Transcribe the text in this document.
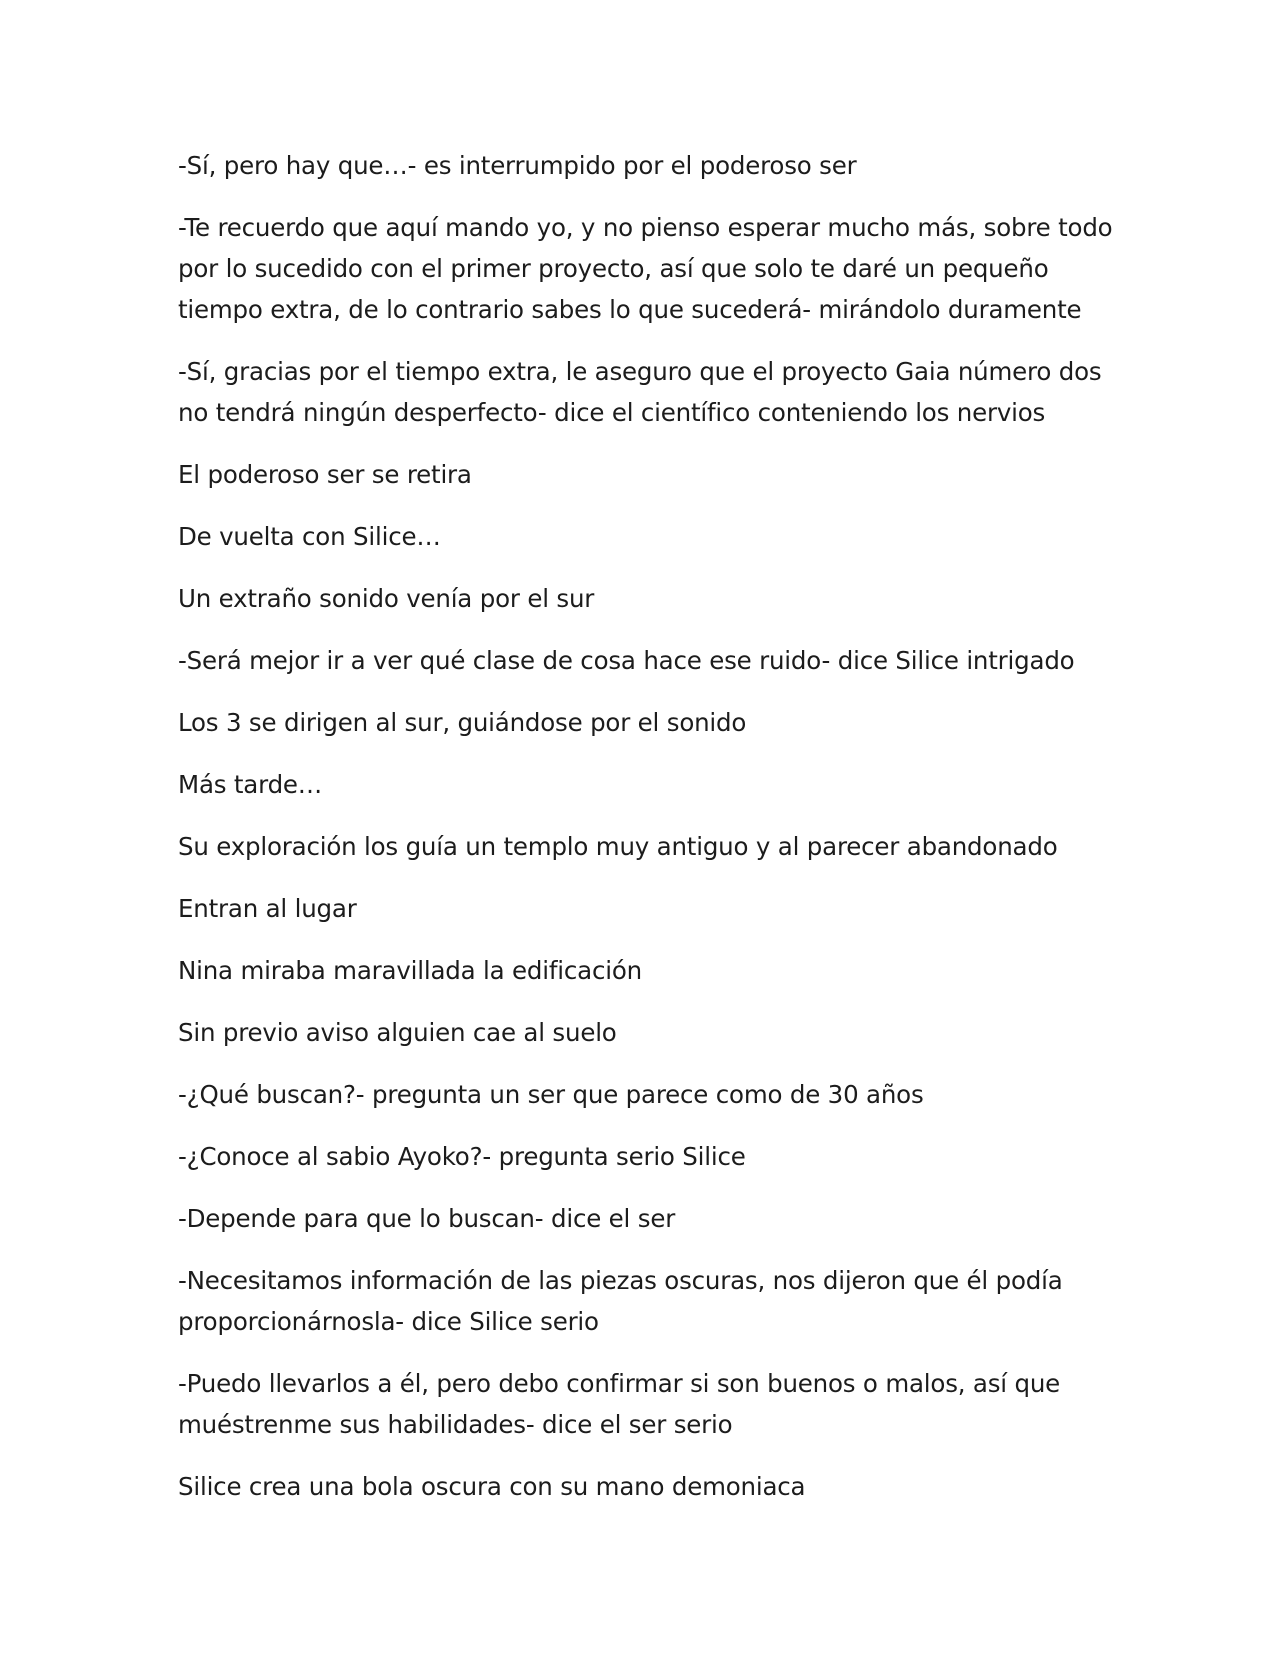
-Sí, pero hay que…- es interrumpido por el poderoso ser

-Te recuerdo que aquí mando yo, y no pienso esperar mucho más, sobre todo por lo sucedido con el primer proyecto, así que solo te daré un pequeño tiempo extra, de lo contrario sabes lo que sucederá- mirándolo duramente

-Sí, gracias por el tiempo extra, le aseguro que el proyecto Gaia número dos no tendrá ningún desperfecto- dice el científico conteniendo los nervios

El poderoso ser se retira

De vuelta con Silice…

Un extraño sonido venía por el sur

-Será mejor ir a ver qué clase de cosa hace ese ruido- dice Silice intrigado

Los 3 se dirigen al sur, guiándose por el sonido

Más tarde…

Su exploración los guía un templo muy antiguo y al parecer abandonado

Entran al lugar

Nina miraba maravillada la edificación

Sin previo aviso alguien cae al suelo

-¿Qué buscan?- pregunta un ser que parece como de 30 años

-¿Conoce al sabio Ayoko?- pregunta serio Silice

-Depende para que lo buscan- dice el ser

-Necesitamos información de las piezas oscuras, nos dijeron que él podía proporcionárnosla- dice Silice serio

-Puedo llevarlos a él, pero debo confirmar si son buenos o malos, así que muéstrenme sus habilidades- dice el ser serio

Silice crea una bola oscura con su mano demoniaca
